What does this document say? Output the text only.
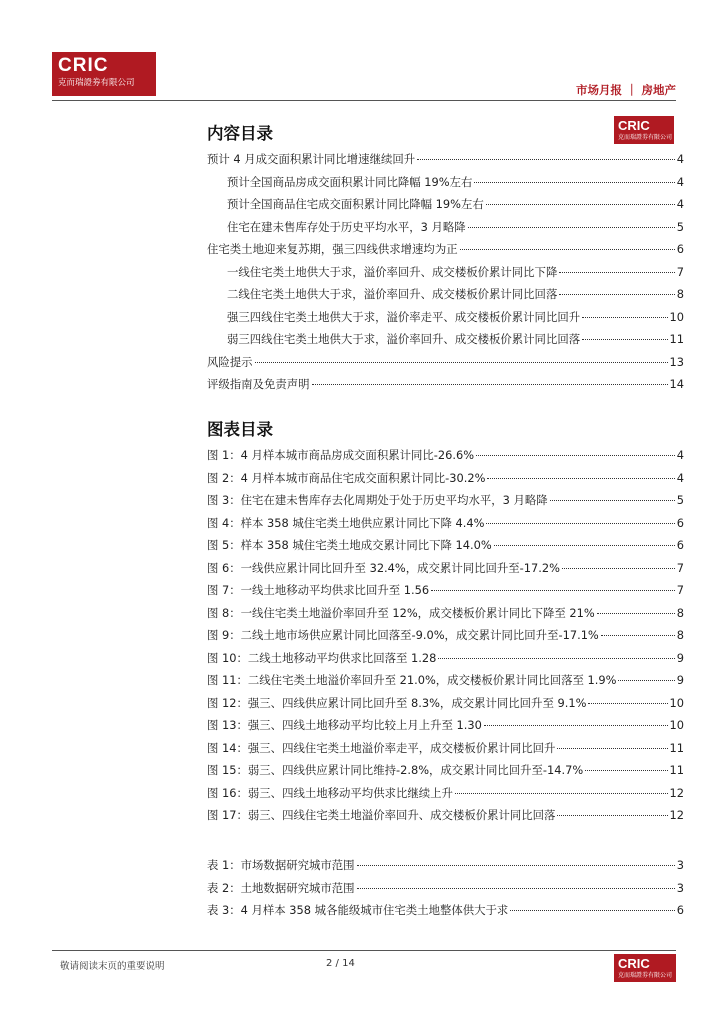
CRIC
克而瑞證劵有限公司	市场月报 ｜ 房地产
内容目录	CRIC
克而瑞證劵有限公司
预计 4 月成交面积累计同比增速继续回升	4
预计全国商品房成交面积累计同比降幅 19%左右	4
预计全国商品住宅成交面积累计同比降幅 19%左右	4
住宅在建未售库存处于历史平均水平，3 月略降	5
住宅类土地迎来复苏期，强三四线供求增速均为正	6
一线住宅类土地供大于求，溢价率回升、成交楼板价累计同比下降	7
二线住宅类土地供大于求，溢价率回升、成交楼板价累计同比回落	8
强三四线住宅类土地供大于求，溢价率走平、成交楼板价累计同比回升	10
弱三四线住宅类土地供大于求，溢价率回升、成交楼板价累计同比回落	11
风险提示	13
评级指南及免责声明	14
图表目录
图 1：4 月样本城市商品房成交面积累计同比-26.6%	4
图 2：4 月样本城市商品住宅成交面积累计同比-30.2%	4
图 3：住宅在建未售库存去化周期处于处于历史平均水平，3 月略降	5
图 4：样本 358 城住宅类土地供应累计同比下降 4.4%	6
图 5：样本 358 城住宅类土地成交累计同比下降 14.0%	6
图 6：一线供应累计同比回升至 32.4%，成交累计同比回升至-17.2%	7
图 7：一线土地移动平均供求比回升至 1.56	7
图 8：一线住宅类土地溢价率回升至 12%，成交楼板价累计同比下降至 21%	8
图 9：二线土地市场供应累计同比回落至-9.0%，成交累计同比回升至-17.1%	8
图 10：二线土地移动平均供求比回落至 1.28	9
图 11：二线住宅类土地溢价率回升至 21.0%，成交楼板价累计同比回落至 1.9%	9
图 12：强三、四线供应累计同比回升至 8.3%，成交累计同比回升至 9.1%	10
图 13：强三、四线土地移动平均比较上月上升至 1.30	10
图 14：强三、四线住宅类土地溢价率走平，成交楼板价累计同比回升	11
图 15：弱三、四线供应累计同比维持-2.8%，成交累计同比回升至-14.7%	11
图 16：弱三、四线土地移动平均供求比继续上升	12
图 17：弱三、四线住宅类土地溢价率回升、成交楼板价累计同比回落	12
表 1：市场数据研究城市范围	3
表 2：土地数据研究城市范围	3
表 3：4 月样本 358 城各能级城市住宅类土地整体供大于求	6
敬请阅读末页的重要说明	2 / 14	CRIC
克而瑞證劵有限公司
